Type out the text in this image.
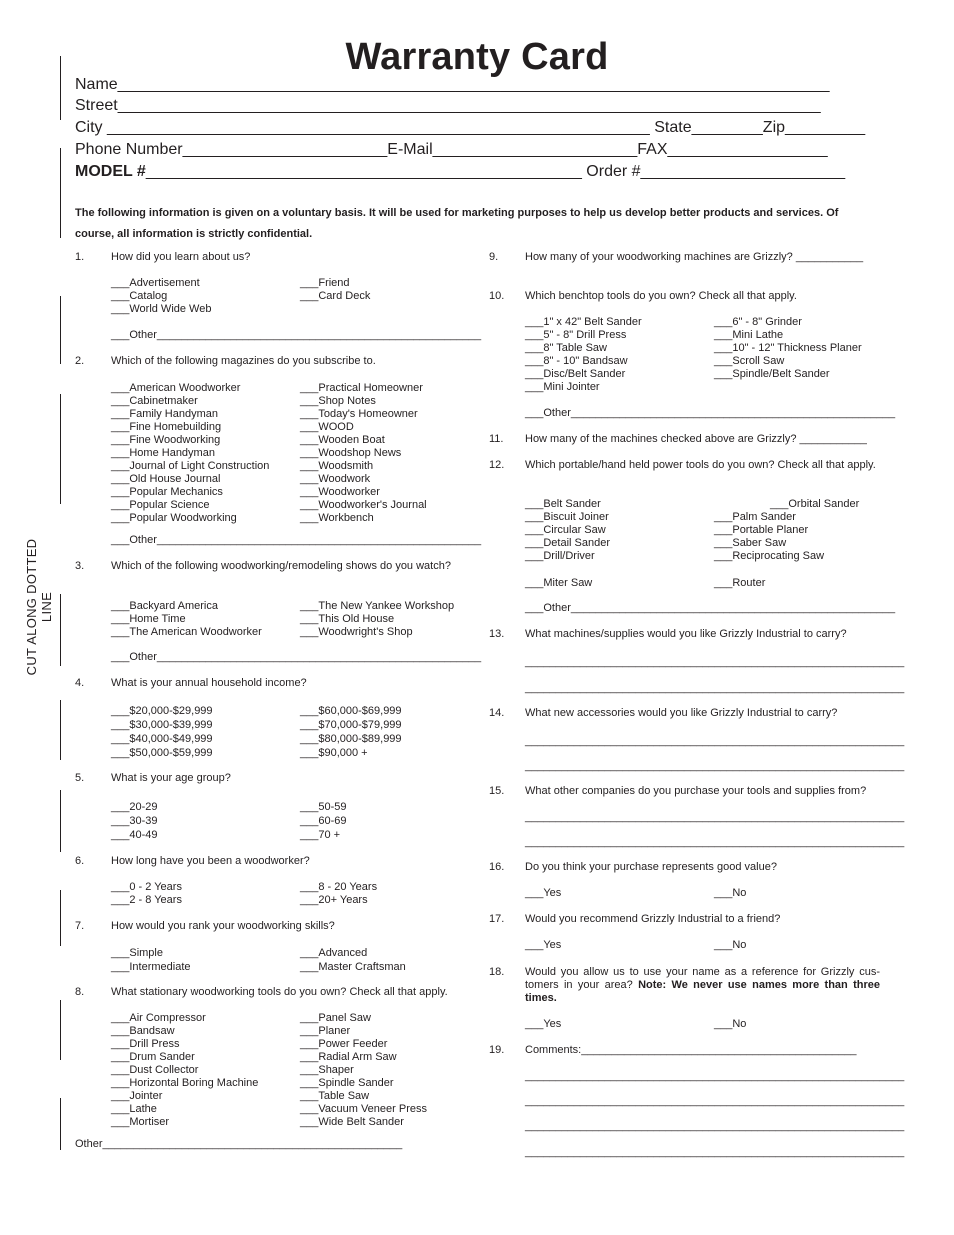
Warranty Card
Name________________________________________________________________________________
Street_______________________________________________________________________________
City _____________________________________________________________ State________Zip_________
Phone Number_______________________E-Mail_______________________FAX__________________
MODEL #_________________________________________________ Order #_______________________
The following information is given on a voluntary basis. It will be used for marketing purposes to help us develop better products and services. Of course, all information is strictly confidential.
CUT ALONG DOTTED LINE
1. How did you learn about us?
___Advertisement
___Catalog
___World Wide Web
___Friend
___Card Deck
___Other_____________________________________________________
2. Which of the following magazines do you subscribe to.
___American Woodworker
___Cabinetmaker
___Family Handyman
___Fine Homebuilding
___Fine Woodworking
___Home Handyman
___Journal of Light Construction
___Old House Journal
___Popular Mechanics
___Popular Science
___Popular Woodworking
___Practical Homeowner
___Shop Notes
___Today's Homeowner
___WOOD
___Wooden Boat
___Woodshop News
___Woodsmith
___Woodwork
___Woodworker
___Woodworker's Journal
___Workbench
___Other_____________________________________________________
3. Which of the following woodworking/remodeling shows do you watch?
___Backyard America
___Home Time
___The American Woodworker
___The New Yankee Workshop
___This Old House
___Woodwright's Shop
___Other_____________________________________________________
4. What is your annual household income?
___$20,000-$29,999
___$30,000-$39,999
___$40,000-$49,999
___$50,000-$59,999
___$60,000-$69,999
___$70,000-$79,999
___$80,000-$89,999
___$90,000 +
5. What is your age group?
___20-29
___30-39
___40-49
___50-59
___60-69
___70 +
6. How long have you been a woodworker?
___0 - 2 Years
___2 - 8 Years
___8 - 20 Years
___20+ Years
7. How would you rank your woodworking skills?
___Simple
___Intermediate
___Advanced
___Master Craftsman
8. What stationary woodworking tools do you own? Check all that apply.
___Air Compressor
___Bandsaw
___Drill Press
___Drum Sander
___Dust Collector
___Horizontal Boring Machine
___Jointer
___Lathe
___Mortiser
___Panel Saw
___Planer
___Power Feeder
___Radial Arm Saw
___Shaper
___Spindle Sander
___Table Saw
___Vacuum Veneer Press
___Wide Belt Sander
Other_________________________________________________
9. How many of your woodworking machines are Grizzly? ___________
10. Which benchtop tools do you own? Check all that apply.
___1" x 42" Belt Sander
___5" - 8" Drill Press
___8" Table Saw
___8" - 10" Bandsaw
___Disc/Belt Sander
___Mini Jointer
___6" - 8" Grinder
___Mini Lathe
___10" - 12" Thickness Planer
___Scroll Saw
___Spindle/Belt Sander
___Other_____________________________________________________
11. How many of the machines checked above are Grizzly? ___________
12. Which portable/hand held power tools do you own? Check all that apply.
___Belt Sander
___Biscuit Joiner
___Circular Saw
___Detail Sander
___Drill/Driver
___Orbital Sander
___Palm Sander
___Portable Planer
___Saber Saw
___Reciprocating Saw
___Miter Saw	___Router
___Other_____________________________________________________
13. What machines/supplies would you like Grizzly Industrial to carry?
______________________________________________________________
______________________________________________________________
14. What new accessories would you like Grizzly Industrial to carry?
______________________________________________________________
______________________________________________________________
15. What other companies do you purchase your tools and supplies from?
______________________________________________________________
______________________________________________________________
16. Do you think your purchase represents good value?
___Yes	___No
17. Would you recommend Grizzly Industrial to a friend?
___Yes	___No
18. Would you allow us to use your name as a reference for Grizzly cus-tomers in your area? Note: We never use names more than three times.
___Yes	___No
19. Comments:_____________________________________________
______________________________________________________________
______________________________________________________________
______________________________________________________________
______________________________________________________________
